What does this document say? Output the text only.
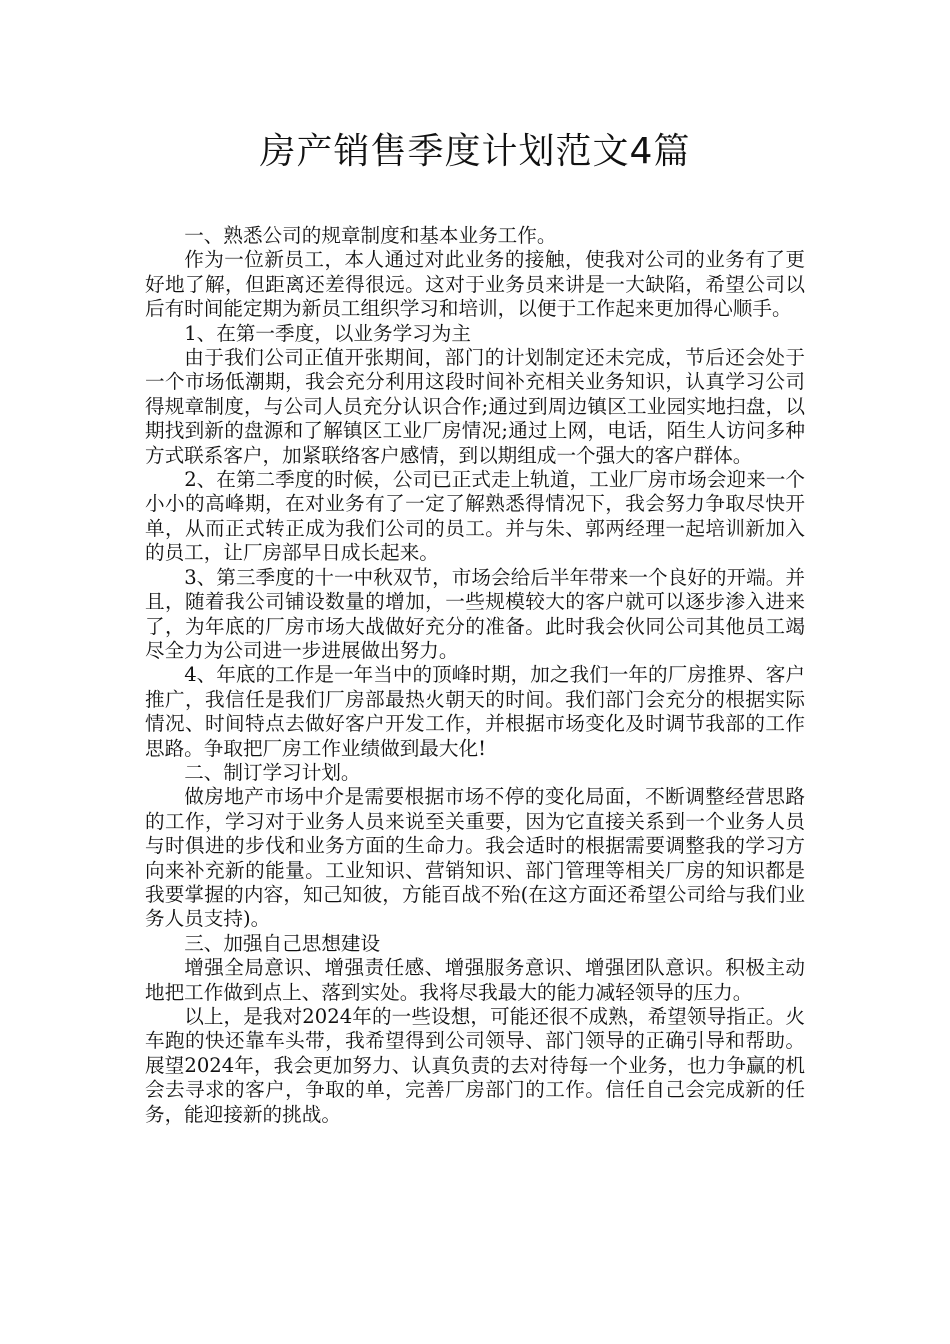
房产销售季度计划范文4篇

一、熟悉公司的规章制度和基本业务工作。

作为一位新员工，本人通过对此业务的接触，使我对公司的业务有了更好地了解，但距离还差得很远。这对于业务员来讲是一大缺陷，希望公司以后有时间能定期为新员工组织学习和培训，以便于工作起来更加得心顺手。

1、在第一季度，以业务学习为主

由于我们公司正值开张期间，部门的计划制定还未完成，节后还会处于一个市场低潮期，我会充分利用这段时间补充相关业务知识，认真学习公司得规章制度，与公司人员充分认识合作;通过到周边镇区工业园实地扫盘，以期找到新的盘源和了解镇区工业厂房情况;通过上网，电话，陌生人访问多种方式联系客户，加紧联络客户感情，到以期组成一个强大的客户群体。

2、在第二季度的时候，公司已正式走上轨道，工业厂房市场会迎来一个小小的高峰期，在对业务有了一定了解熟悉得情况下，我会努力争取尽快开单，从而正式转正成为我们公司的员工。并与朱、郭两经理一起培训新加入的员工，让厂房部早日成长起来。

3、第三季度的十一中秋双节，市场会给后半年带来一个良好的开端。并且，随着我公司铺设数量的增加，一些规模较大的客户就可以逐步渗入进来了，为年底的厂房市场大战做好充分的准备。此时我会伙同公司其他员工竭尽全力为公司进一步进展做出努力。

4、年底的工作是一年当中的顶峰时期，加之我们一年的厂房推界、客户推广，我信任是我们厂房部最热火朝天的时间。我们部门会充分的根据实际情况、时间特点去做好客户开发工作，并根据市场变化及时调节我部的工作思路。争取把厂房工作业绩做到最大化!

二、制订学习计划。

做房地产市场中介是需要根据市场不停的变化局面，不断调整经营思路的工作，学习对于业务人员来说至关重要，因为它直接关系到一个业务人员与时俱进的步伐和业务方面的生命力。我会适时的根据需要调整我的学习方向来补充新的能量。工业知识、营销知识、部门管理等相关厂房的知识都是我要掌握的内容，知己知彼，方能百战不殆(在这方面还希望公司给与我们业务人员支持)。

三、加强自己思想建设

增强全局意识、增强责任感、增强服务意识、增强团队意识。积极主动地把工作做到点上、落到实处。我将尽我最大的能力减轻领导的压力。

以上，是我对2024年的一些设想，可能还很不成熟，希望领导指正。火车跑的快还靠车头带，我希望得到公司领导、部门领导的正确引导和帮助。展望2024年，我会更加努力、认真负责的去对待每一个业务，也力争赢的机会去寻求的客户，争取的单，完善厂房部门的工作。信任自己会完成新的任务，能迎接新的挑战。
